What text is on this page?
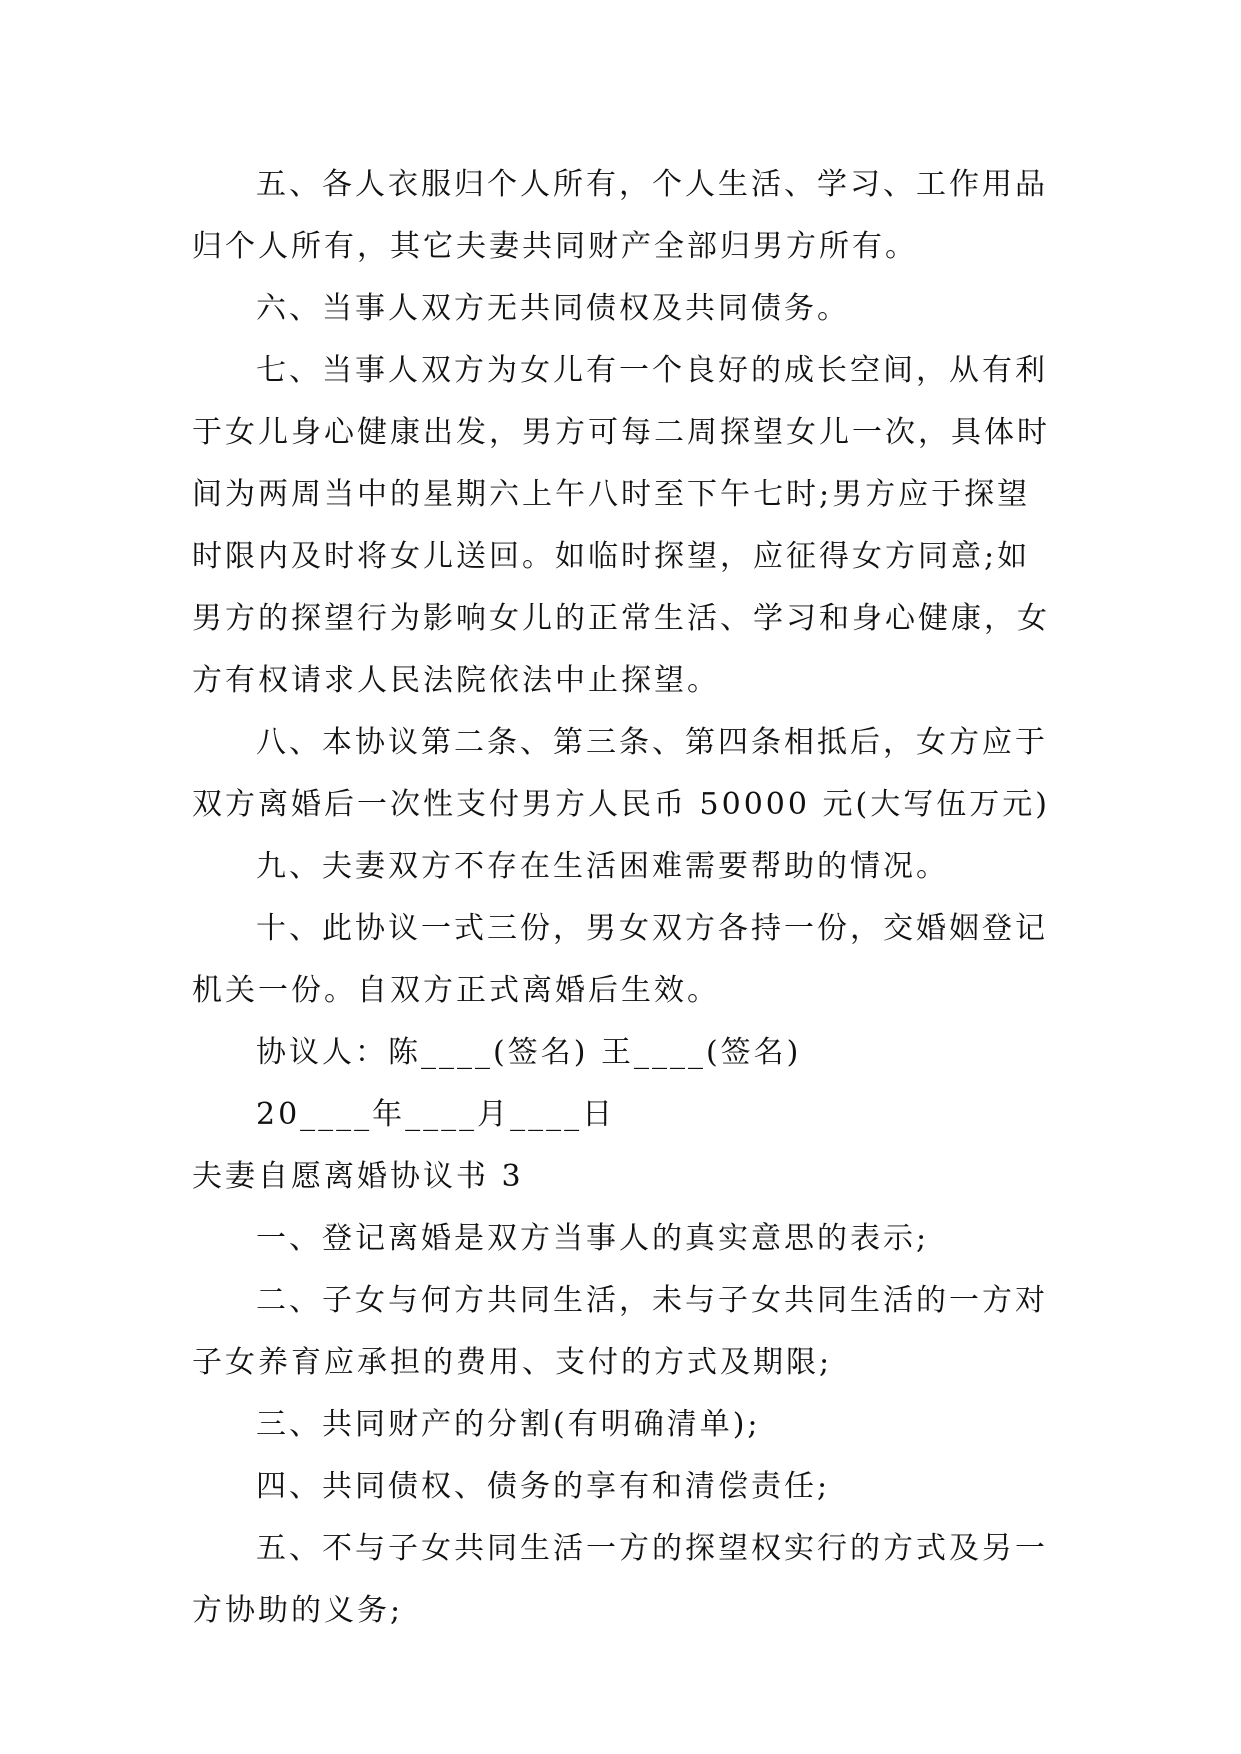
五、各人衣服归个人所有，个人生活、学习、工作用品
归个人所有，其它夫妻共同财产全部归男方所有。
六、当事人双方无共同债权及共同债务。
七、当事人双方为女儿有一个良好的成长空间，从有利
于女儿身心健康出发，男方可每二周探望女儿一次，具体时
间为两周当中的星期六上午八时至下午七时;男方应于探望
时限内及时将女儿送回。如临时探望，应征得女方同意;如
男方的探望行为影响女儿的正常生活、学习和身心健康，女
方有权请求人民法院依法中止探望。
八、本协议第二条、第三条、第四条相抵后，女方应于
双方离婚后一次性支付男方人民币 50000 元(大写伍万元)
九、夫妻双方不存在生活困难需要帮助的情况。
十、此协议一式三份，男女双方各持一份，交婚姻登记
机关一份。自双方正式离婚后生效。
协议人：陈____(签名) 王____(签名)
20____年____月____日
夫妻自愿离婚协议书 3
一、登记离婚是双方当事人的真实意思的表示;
二、子女与何方共同生活，未与子女共同生活的一方对
子女养育应承担的费用、支付的方式及期限;
三、共同财产的分割(有明确清单);
四、共同债权、债务的享有和清偿责任;
五、不与子女共同生活一方的探望权实行的方式及另一
方协助的义务;
